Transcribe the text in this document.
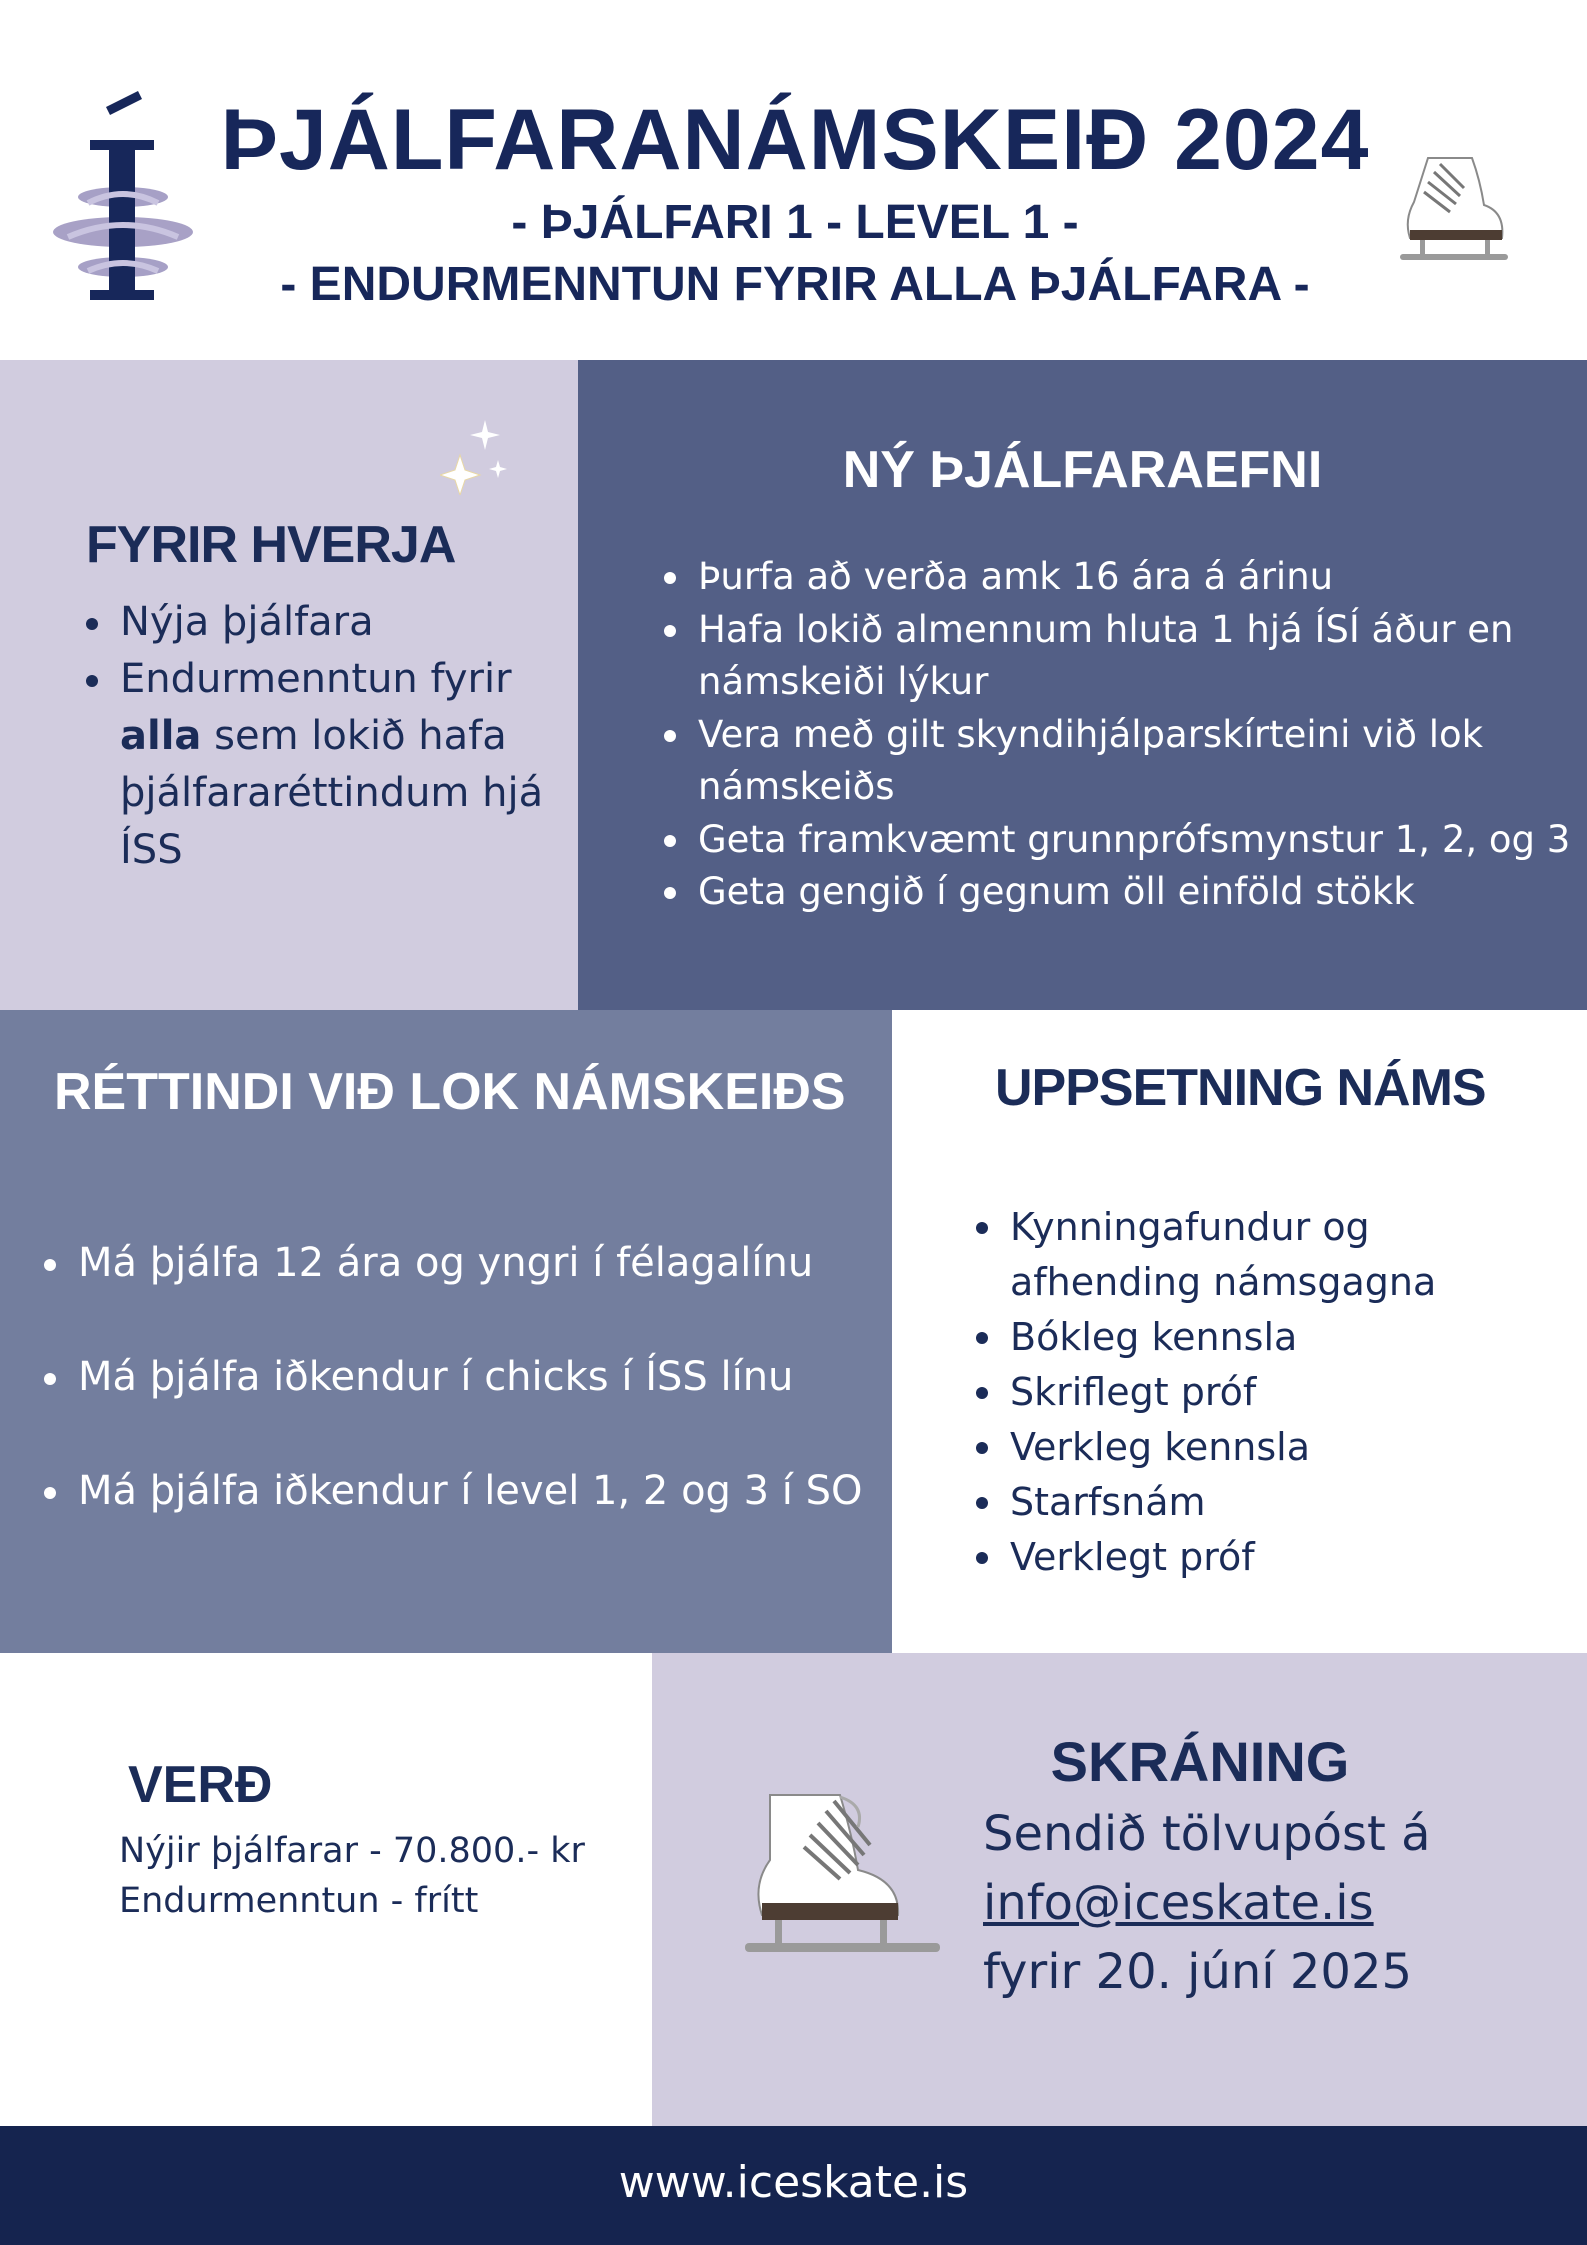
ÞJÁLFARANÁMSKEIÐ 2024
- ÞJÁLFARI 1 - LEVEL 1 -
- ENDURMENNTUN FYRIR ALLA ÞJÁLFARA -
FYRIR HVERJA
Nýja þjálfara
Endurmenntun fyrir alla sem lokið hafa þjálfararéttindum hjá ÍSS
NÝ ÞJÁLFARAEFNI
Þurfa að verða amk 16 ára á árinu
Hafa lokið almennum hluta 1 hjá ÍSÍ áður en námskeiði lýkur
Vera með gilt skyndihjálparskírteini við lok námskeiðs
Geta framkvæmt grunnprófsmynstur 1, 2, og 3
Geta gengið í gegnum öll einföld stökk
RÉTTINDI VIÐ LOK NÁMSKEIÐS
Má þjálfa 12 ára og yngri í félagalínu
Má þjálfa iðkendur í chicks í ÍSS línu
Má þjálfa iðkendur í level 1, 2 og 3 í SO
UPPSETNING NÁMS
Kynningafundur og afhending námsgagna
Bókleg kennsla
Skriflegt próf
Verkleg kennsla
Starfsnám
Verklegt próf
VERÐ
Nýjir þjálfarar - 70.800.- kr
Endurmenntun - frítt
SKRÁNING
Sendið tölvupóst á
info@iceskate.is
fyrir 20. júní 2025
www.iceskate.is
